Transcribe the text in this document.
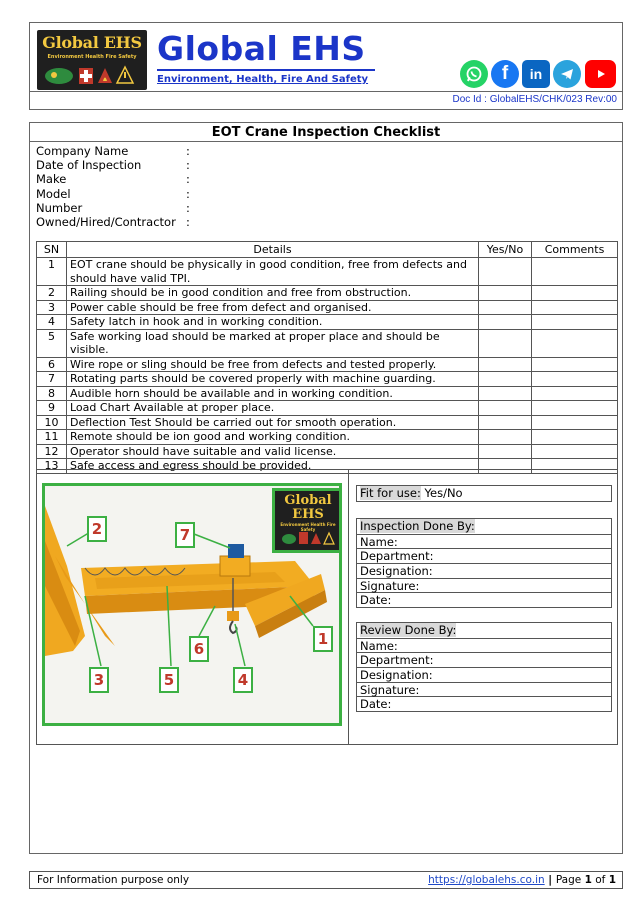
Global EHS
Environment Health Fire Safety Global EHS
Environment, Health, Fire And Safety	f	in
Doc Id : GlobalEHS/CHK/023 Rev:00
EOT Crane Inspection Checklist
Company Name	:
Date of Inspection	:
Make	:
Model	:
Number	:
Owned/Hired/Contractor :
SN	Details	Yes/No	Comments
1	EOT crane should be physically in good condition, free from defects and should have valid TPI.		
2	Railing should be in good condition and free from obstruction.		
3	Power cable should be free from defect and organised.		
4	Safety latch in hook and in working condition.		
5	Safe working load should be marked at proper place and should be visible.		
6	Wire rope or sling should be free from defects and tested properly.		
7	Rotating parts should be covered properly with machine guarding.		
8	Audible horn should be available and in working condition.		
9	Load Chart Available at proper place.		
10	Deflection Test Should be carried out for smooth operation.		
11	Remote should be ion good and working condition.		
12	Operator should have suitable and valid license.		
13	Safe access and egress should be provided.		
Global EHS
Environment Health Fire Safety
1
2
3	4
5
6
7
Fit for use: Yes/No
Inspection Done By:
Name:
Department:
Designation:
Signature:
Date:
Review Done By:
Name:
Department:
Designation:
Signature:
Date:
For Information purpose only	https://globalehs.co.in | Page 1 of 1
